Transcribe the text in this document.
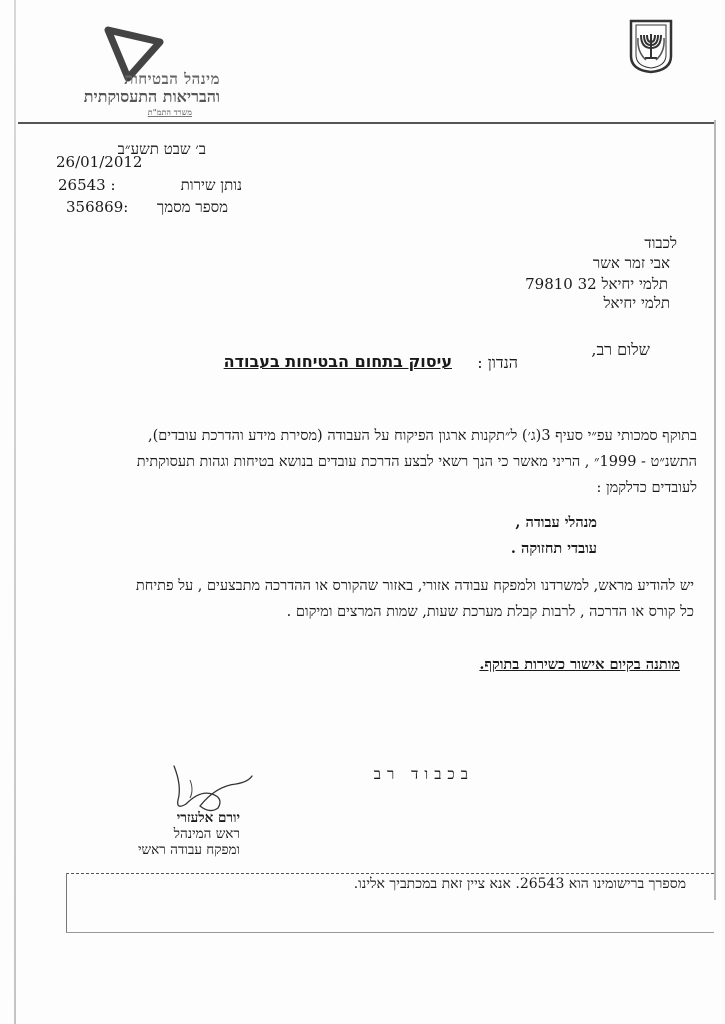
מינהל הבטיחות
והבריאות התעסוקתית
משרד התמ"ת
ב׳ שבט תשע״ב
26/01/2012
נותן שירות
26543 :
מספר מסמך
356869:
לכבוד
אבי זמר אשר
תלמי יחיאל 32 79810
תלמי יחיאל
שלום רב,
הנדון :
עיסוק בתחום הבטיחות בעבודה
בתוקף סמכותי עפ״י סעיף 3(ג׳) ל״תקנות ארגון הפיקוח על העבודה (מסירת מידע והדרכת עובדים),
התשנ״ט - 1999״ , הריני מאשר כי הנך רשאי לבצע הדרכת עובדים בנושא בטיחות וגהות תעסוקתית
לעובדים כדלקמן :
מנהלי עבודה ,
עובדי תחזוקה .
יש להודיע מראש, למשרדנו ולמפקח עבודה אזורי, באזור שהקורס או ההדרכה מתבצעים , על פתיחת
כל קורס או הדרכה , לרבות קבלת מערכת שעות, שמות המרצים ומיקום .
מותנה בקיום אישור כשירות בתוקף.
בכבוד רב
יורם אלעזרי
ראש המינהל
ומפקח עבודה ראשי
מספרך ברישומינו הוא 26543. אנא ציין זאת במכתביך אלינו.
